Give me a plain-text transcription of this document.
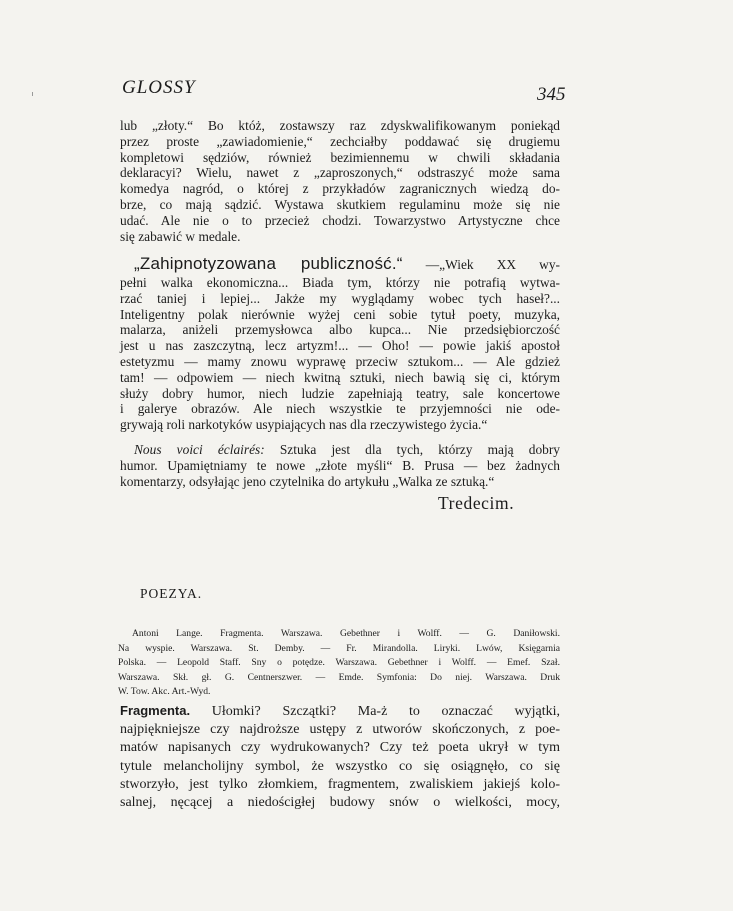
GLOSSY	345
lub „złoty.“ Bo któż, zostawszy raz zdyskwalifikowanym poniekąd
przez proste „zawiadomienie,“ zechciałby poddawać się drugiemu
kompletowi sędziów, również bezimiennemu w chwili składania
deklaracyi? Wielu, nawet z „zaproszonych,“ odstraszyć może sama
komedya nagród, o której z przykładów zagranicznych wiedzą do-
brze, co mają sądzić. Wystawa skutkiem regulaminu może się nie
udać. Ale nie o to przecież chodzi. Towarzystwo Artystyczne chce
się zabawić w medale.
„Zahipnotyzowana publiczność.“ —„Wiek XX wy-
pełni walka ekonomiczna... Biada tym, którzy nie potrafią wytwa-
rzać taniej i lepiej... Jakże my wyglądamy wobec tych haseł?...
Inteligentny polak nierównie wyżej ceni sobie tytuł poety, muzyka,
malarza, aniżeli przemysłowca albo kupca... Nie przedsiębiorczość
jest u nas zaszczytną, lecz artyzm!... — Oho! — powie jakiś apostoł
estetyzmu — mamy znowu wyprawę przeciw sztukom... — Ale gdzież
tam! — odpowiem — niech kwitną sztuki, niech bawią się ci, którym
służy dobry humor, niech ludzie zapełniają teatry, sale koncertowe
i galerye obrazów. Ale niech wszystkie te przyjemności nie ode-
grywają roli narkotyków usypiających nas dla rzeczywistego życia.“
Nous voici éclairés: Sztuka jest dla tych, którzy mają dobry
humor. Upamiętniamy te nowe „złote myśli“ B. Prusa — bez żadnych
komentarzy, odsyłając jeno czytelnika do artykułu „Walka ze sztuką.“
Tredecim.
POEZYA.
Antoni Lange. Fragmenta. Warszawa. Gebethner i Wolff. — G. Daniłowski.
Na wyspie. Warszawa. St. Demby. — Fr. Mirandolla. Liryki. Lwów, Księgarnia
Polska. — Leopold Staff. Sny o potędze. Warszawa. Gebethner i Wolff. — Emef. Szał.
Warszawa. Skł. gł. G. Centnerszwer. — Emde. Symfonia: Do niej. Warszawa. Druk
W. Tow. Akc. Art.-Wyd.
Fragmenta. Ułomki? Szczątki? Ma-ż to oznaczać wyjątki,
najpiękniejsze czy najdroższe ustępy z utworów skończonych, z poe-
matów napisanych czy wydrukowanych? Czy też poeta ukrył w tym
tytule melancholijny symbol, że wszystko co się osiągnęło, co się
stworzyło, jest tylko złomkiem, fragmentem, zwaliskiem jakiejś kolo-
salnej, nęcącej a niedościgłej budowy snów o wielkości, mocy,
